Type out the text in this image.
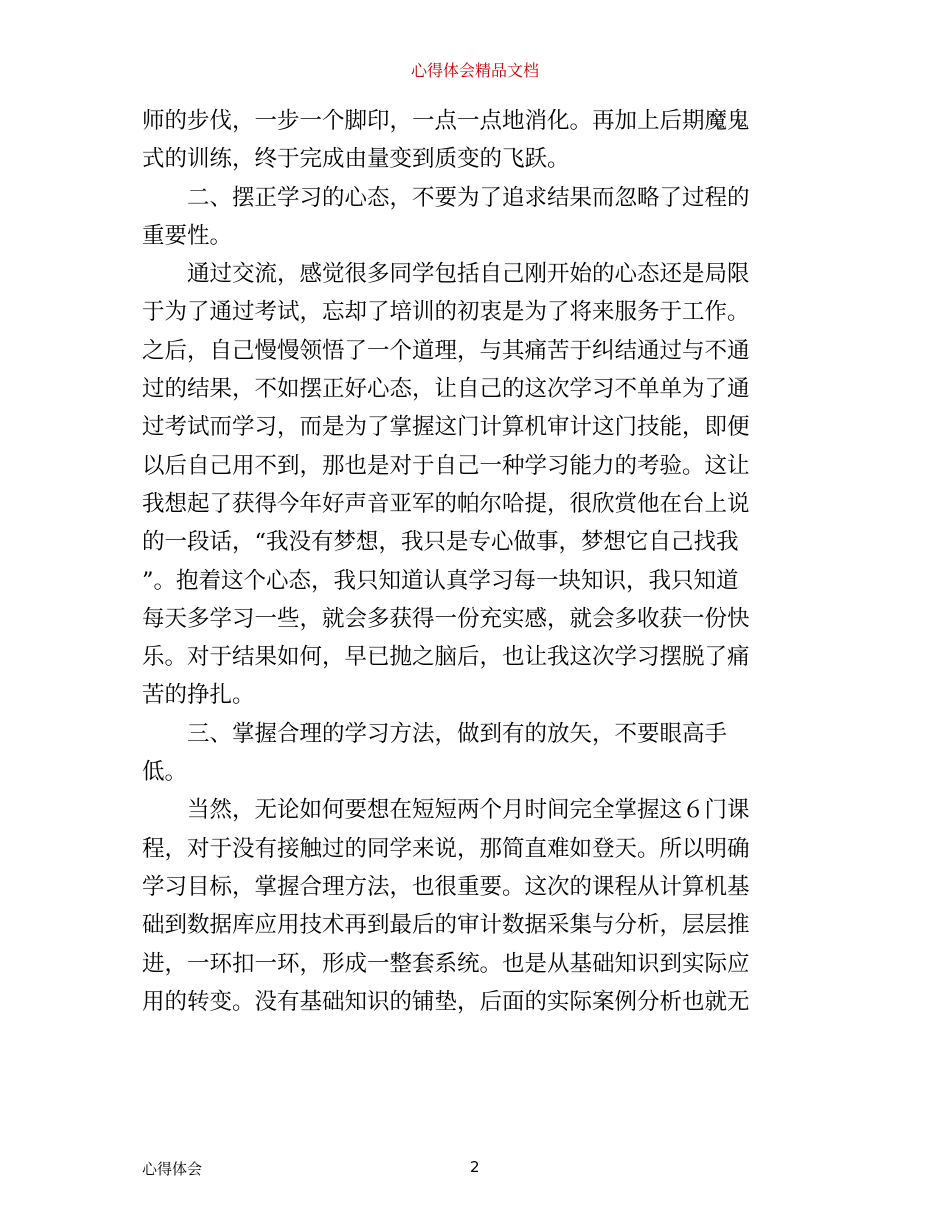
心得体会精品文档
师的步伐，一步一个脚印，一点一点地消化。再加上后期魔鬼
式的训练，终于完成由量变到质变的飞跃。
　　二、摆正学习的心态，不要为了追求结果而忽略了过程的
重要性。
　　通过交流，感觉很多同学包括自己刚开始的心态还是局限
于为了通过考试，忘却了培训的初衷是为了将来服务于工作。
之后，自己慢慢领悟了一个道理，与其痛苦于纠结通过与不通
过的结果，不如摆正好心态，让自己的这次学习不单单为了通
过考试而学习，而是为了掌握这门计算机审计这门技能，即便
以后自己用不到，那也是对于自己一种学习能力的考验。这让
我想起了获得今年好声音亚军的帕尔哈提，很欣赏他在台上说
的一段话，“我没有梦想，我只是专心做事，梦想它自己找我
”。抱着这个心态，我只知道认真学习每一块知识，我只知道
每天多学习一些，就会多获得一份充实感，就会多收获一份快
乐。对于结果如何，早已抛之脑后，也让我这次学习摆脱了痛
苦的挣扎。
　　三、掌握合理的学习方法，做到有的放矢，不要眼高手
低。
　　当然，无论如何要想在短短两个月时间完全掌握这６门课
程，对于没有接触过的同学来说，那简直难如登天。所以明确
学习目标，掌握合理方法，也很重要。这次的课程从计算机基
础到数据库应用技术再到最后的审计数据采集与分析，层层推
进，一环扣一环，形成一整套系统。也是从基础知识到实际应
用的转变。没有基础知识的铺垫，后面的实际案例分析也就无
心得体会	2
